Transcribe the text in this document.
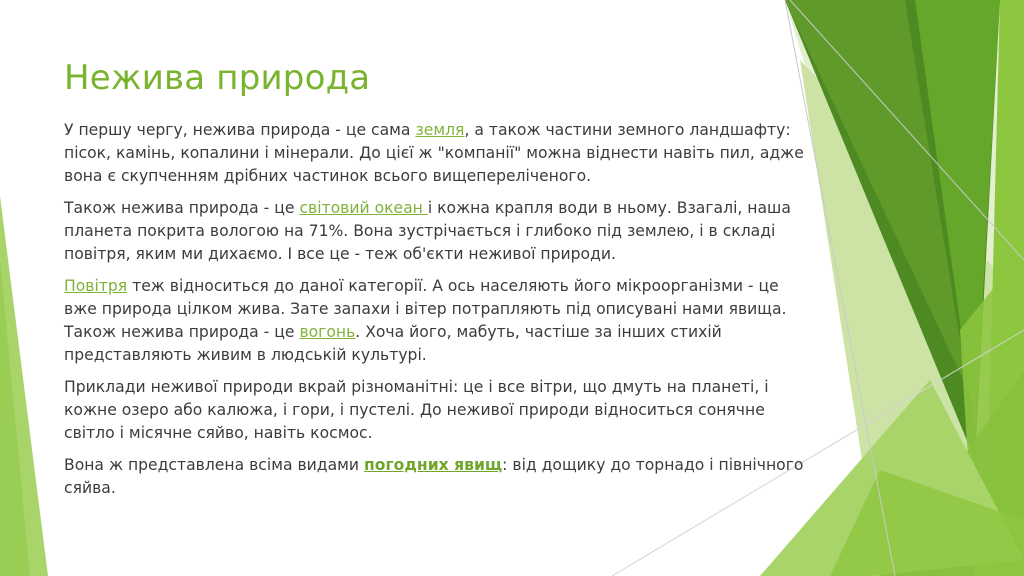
Нежива природа

У першу чергу, нежива природа - це сама земля, а також частини земного ландшафту: пісок, камінь, копалини і мінерали. До цієї ж "компанії" можна віднести навіть пил, адже вона є скупченням дрібних частинок всього вищепереліченого.

Також нежива природа - це світовий океан і кожна крапля води в ньому. Взагалі, наша планета покрита вологою на 71%. Вона зустрічається і глибоко під землею, і в складі повітря, яким ми дихаємо. І все це - теж об'єкти неживої природи.

Повітря теж відноситься до даної категорії. А ось населяють його мікроорганізми - це вже природа цілком жива. Зате запахи і вітер потрапляють під описувані нами явища. Також нежива природа - це вогонь. Хоча його, мабуть, частіше за інших стихій представляють живим в людській культурі.

Приклади неживої природи вкрай різноманітні: це і все вітри, що дмуть на планеті, і кожне озеро або калюжа, і гори, і пустелі. До неживої природи відноситься сонячне світло і місячне сяйво, навіть космос.

Вона ж представлена всіма видами погодних явищ: від дощику до торнадо і північного сяйва.
